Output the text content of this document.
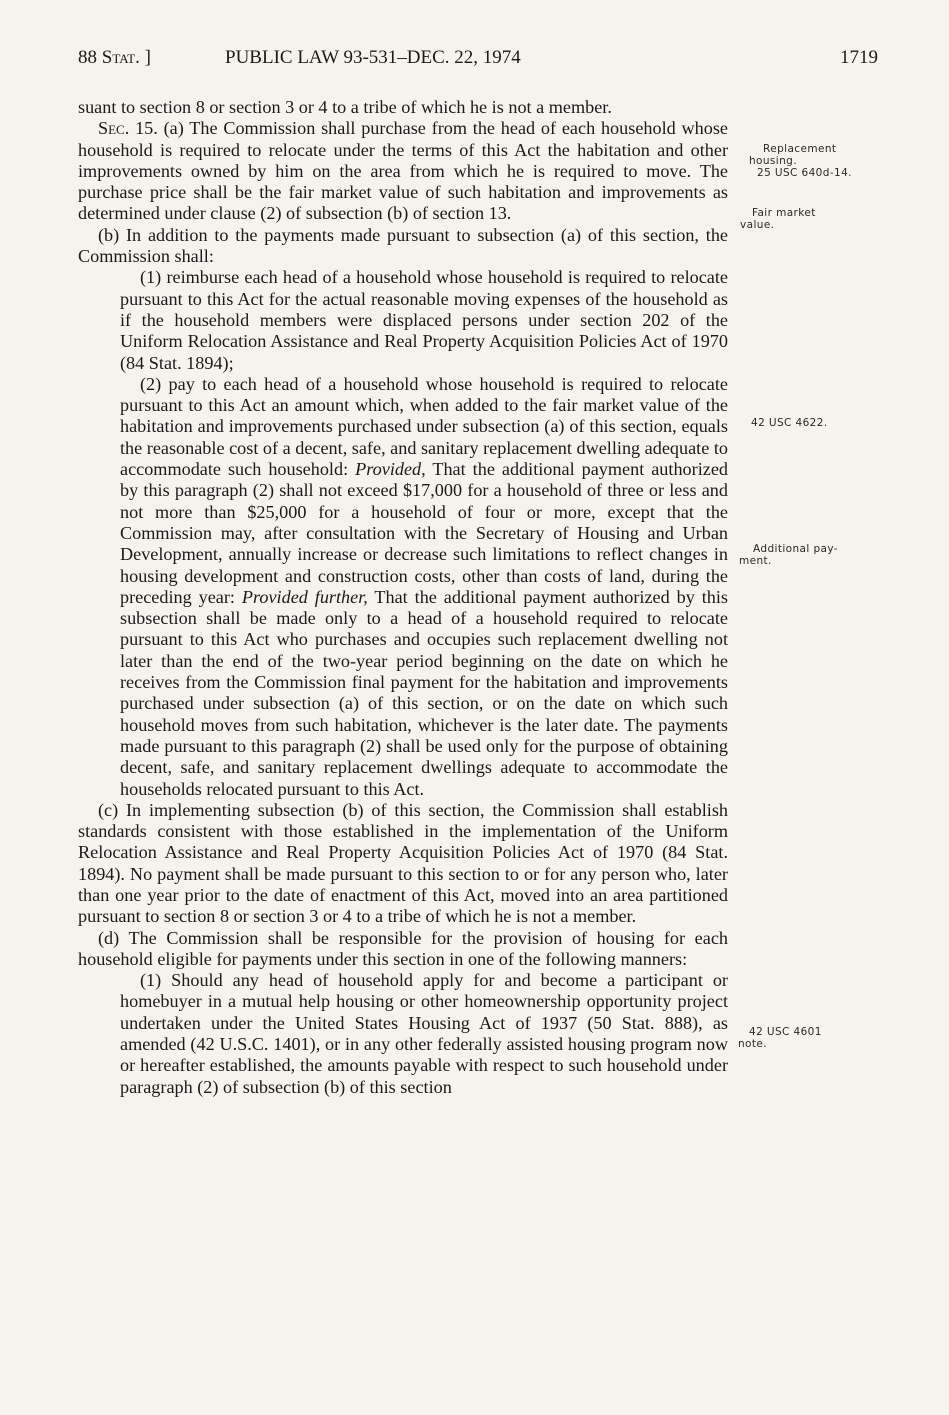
88 Stat. ]	PUBLIC LAW 93-531–DEC. 22, 1974	1719

suant to section 8 or section 3 or 4 to a tribe of which he is not a member.

Sec. 15. (a) The Commission shall purchase from the head of each household whose household is required to relocate under the terms of this Act the habitation and other improvements owned by him on the area from which he is required to move. The purchase price shall be the fair market value of such habitation and improvements as determined under clause (2) of subsection (b) of section 13.

(b) In addition to the payments made pursuant to subsection (a) of this section, the Commission shall:

(1) reimburse each head of a household whose household is required to relocate pursuant to this Act for the actual reasonable moving expenses of the household as if the household members were displaced persons under section 202 of the Uniform Relocation Assistance and Real Property Acquisition Policies Act of 1970 (84 Stat. 1894);

(2) pay to each head of a household whose household is required to relocate pursuant to this Act an amount which, when added to the fair market value of the habitation and improvements purchased under subsection (a) of this section, equals the reasonable cost of a decent, safe, and sanitary replacement dwelling adequate to accommodate such household: Provided, That the additional payment authorized by this paragraph (2) shall not exceed $17,000 for a household of three or less and not more than $25,000 for a household of four or more, except that the Commission may, after consultation with the Secretary of Housing and Urban Development, annually increase or decrease such limitations to reflect changes in housing development and construction costs, other than costs of land, during the preceding year: Provided further, That the additional payment authorized by this subsection shall be made only to a head of a household required to relocate pursuant to this Act who purchases and occupies such replacement dwelling not later than the end of the two-year period beginning on the date on which he receives from the Commission final payment for the habitation and improvements purchased under subsection (a) of this section, or on the date on which such household moves from such habitation, whichever is the later date. The payments made pursuant to this paragraph (2) shall be used only for the purpose of obtaining decent, safe, and sanitary replacement dwellings adequate to accommodate the households relocated pursuant to this Act.

(c) In implementing subsection (b) of this section, the Commission shall establish standards consistent with those established in the implementation of the Uniform Relocation Assistance and Real Property Acquisition Policies Act of 1970 (84 Stat. 1894). No payment shall be made pursuant to this section to or for any person who, later than one year prior to the date of enactment of this Act, moved into an area partitioned pursuant to section 8 or section 3 or 4 to a tribe of which he is not a member.

(d) The Commission shall be responsible for the provision of housing for each household eligible for payments under this section in one of the following manners:

(1) Should any head of household apply for and become a participant or homebuyer in a mutual help housing or other homeownership opportunity project undertaken under the United States Housing Act of 1937 (50 Stat. 888), as amended (42 U.S.C. 1401), or in any other federally assisted housing program now or hereafter established, the amounts payable with respect to such household under paragraph (2) of subsection (b) of this section

Replacement
housing.
25 USC 640d-14.
Fair market
value.
42 USC 4622.
Additional pay-
ment.
42 USC 4601
note.
